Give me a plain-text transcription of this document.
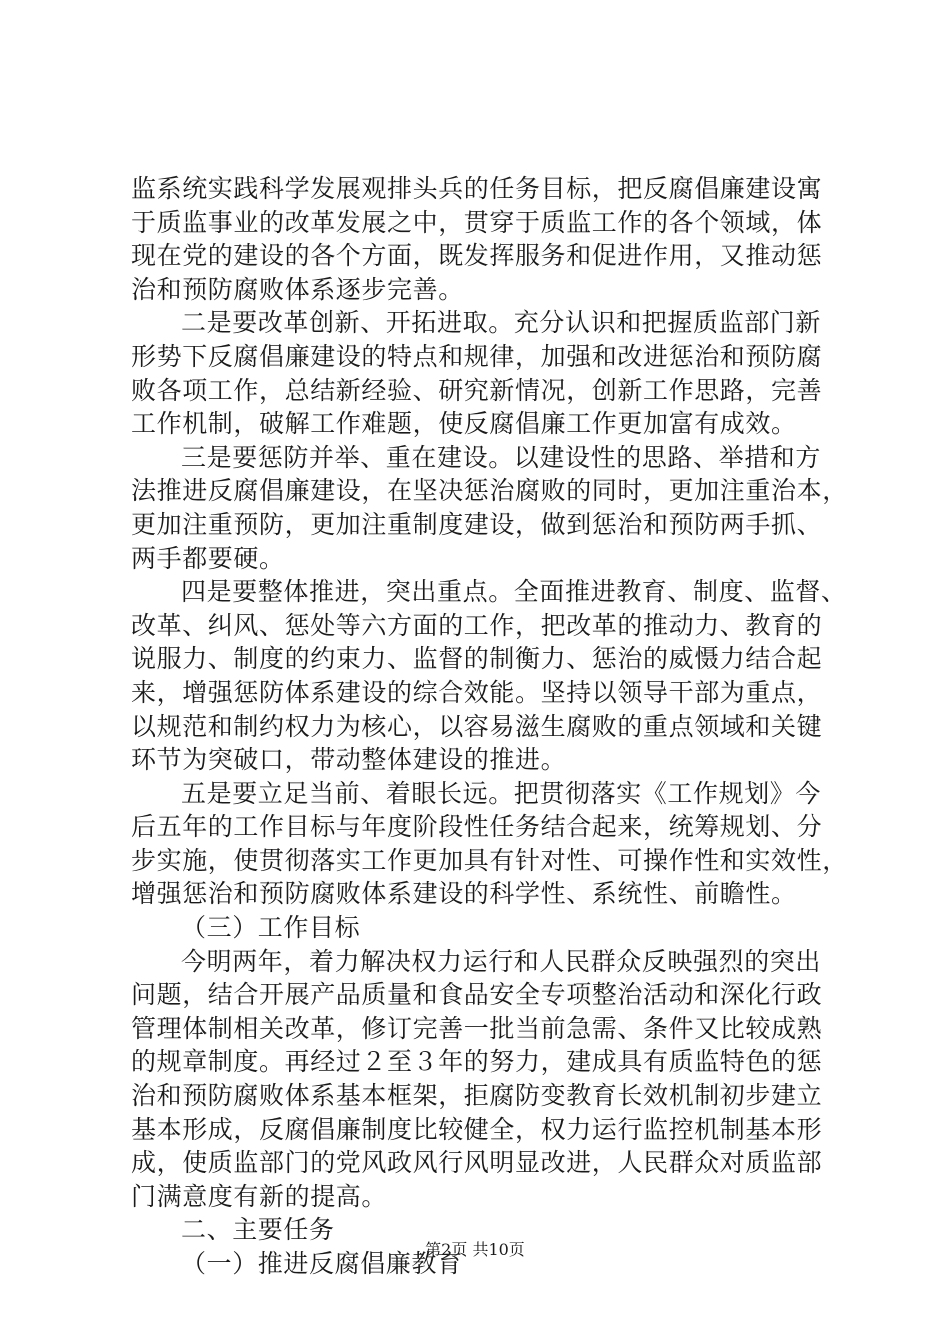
监系统实践科学发展观排头兵的任务目标，把反腐倡廉建设寓
于质监事业的改革发展之中，贯穿于质监工作的各个领域，体
现在党的建设的各个方面，既发挥服务和促进作用，又推动惩
治和预防腐败体系逐步完善。
二是要改革创新、开拓进取。充分认识和把握质监部门新
形势下反腐倡廉建设的特点和规律，加强和改进惩治和预防腐
败各项工作，总结新经验、研究新情况，创新工作思路，完善
工作机制，破解工作难题，使反腐倡廉工作更加富有成效。
三是要惩防并举、重在建设。以建设性的思路、举措和方
法推进反腐倡廉建设，在坚决惩治腐败的同时，更加注重治本，
更加注重预防，更加注重制度建设，做到惩治和预防两手抓、
两手都要硬。
四是要整体推进，突出重点。全面推进教育、制度、监督、
改革、纠风、惩处等六方面的工作，把改革的推动力、教育的
说服力、制度的约束力、监督的制衡力、惩治的威慑力结合起
来，增强惩防体系建设的综合效能。坚持以领导干部为重点，
以规范和制约权力为核心，以容易滋生腐败的重点领域和关键
环节为突破口，带动整体建设的推进。
五是要立足当前、着眼长远。把贯彻落实《工作规划》今
后五年的工作目标与年度阶段性任务结合起来，统筹规划、分
步实施，使贯彻落实工作更加具有针对性、可操作性和实效性，
增强惩治和预防腐败体系建设的科学性、系统性、前瞻性。
（三）工作目标
今明两年，着力解决权力运行和人民群众反映强烈的突出
问题，结合开展产品质量和食品安全专项整治活动和深化行政
管理体制相关改革，修订完善一批当前急需、条件又比较成熟
的规章制度。再经过２至３年的努力，建成具有质监特色的惩
治和预防腐败体系基本框架，拒腐防变教育长效机制初步建立
基本形成，反腐倡廉制度比较健全，权力运行监控机制基本形
成，使质监部门的党风政风行风明显改进，人民群众对质监部
门满意度有新的提高。
二、主要任务
（一）推进反腐倡廉教育
第2页 共10页
